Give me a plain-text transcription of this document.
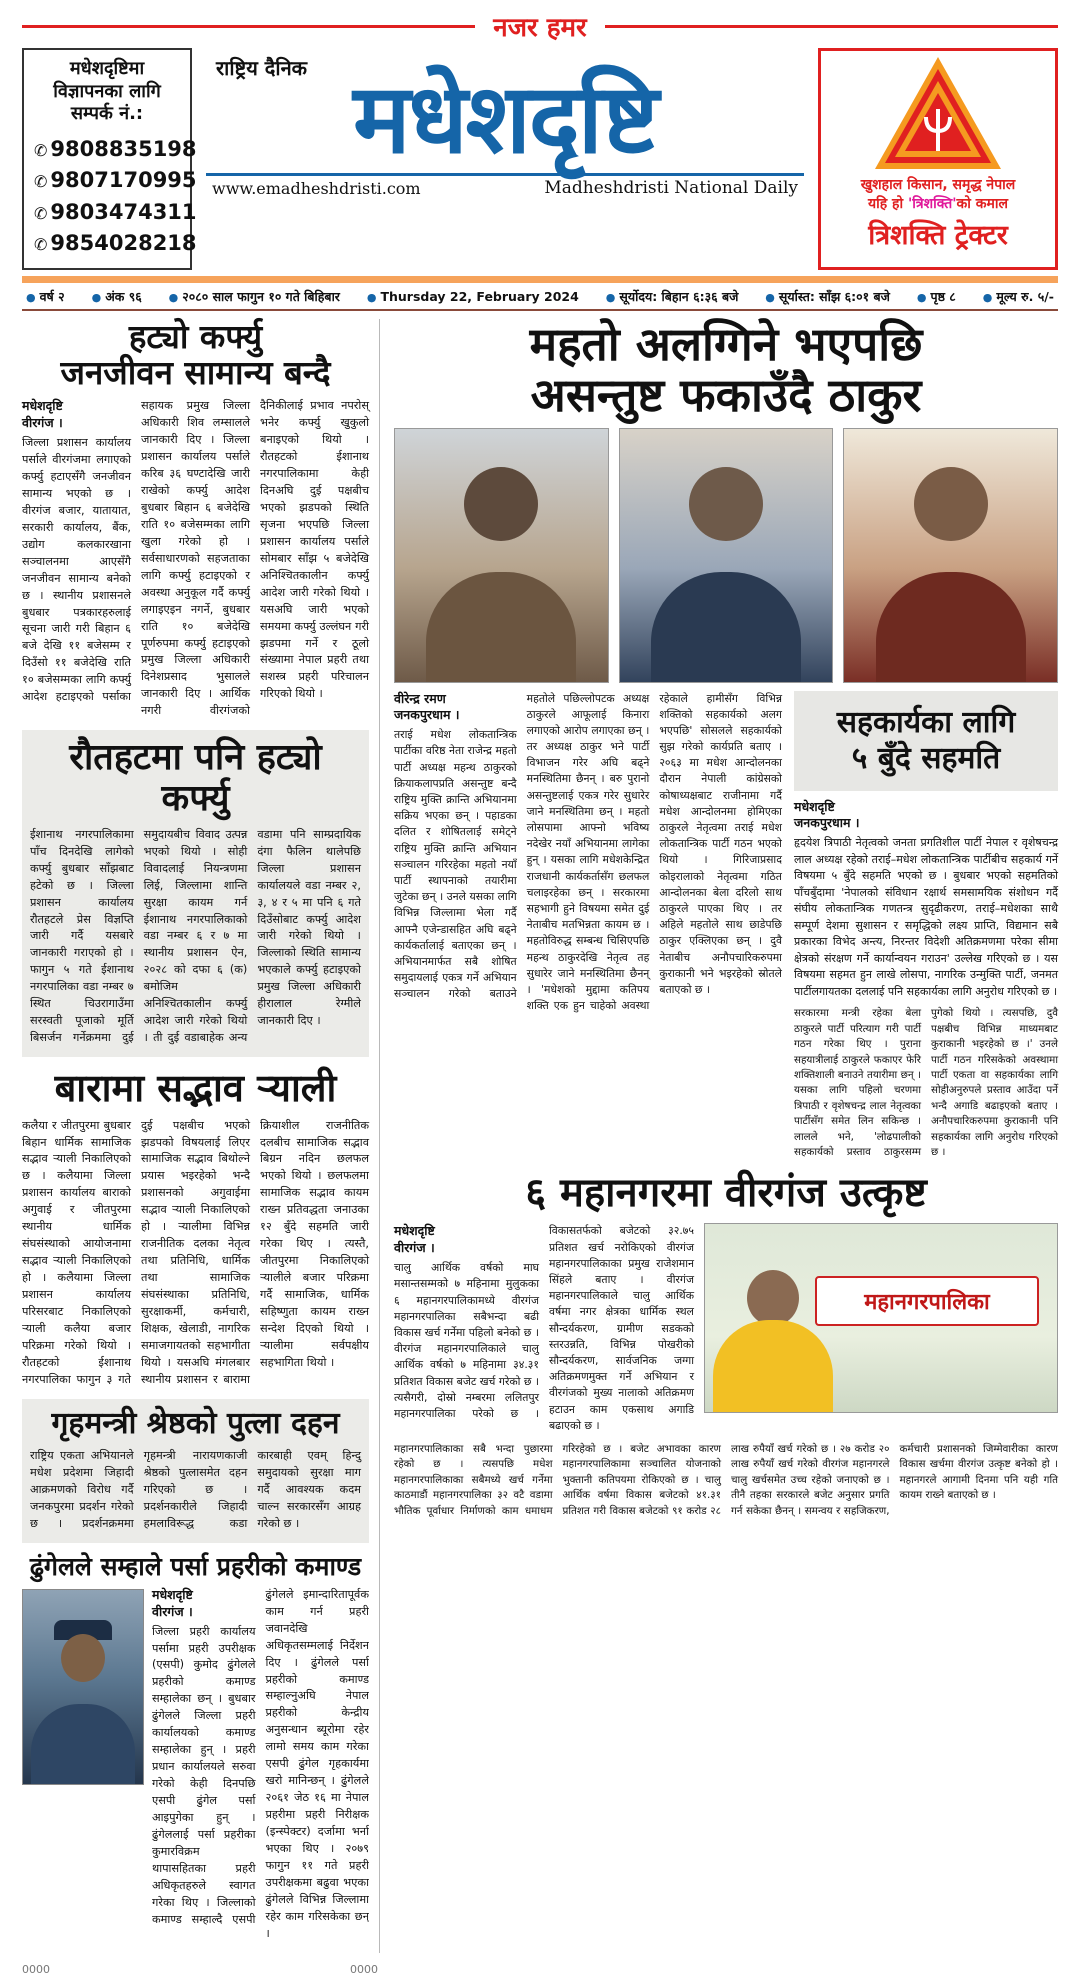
नजर हमर
मधेशदृष्टिमा
विज्ञापनका लागि
सम्पर्क नं.:
✆ 9808835198
✆ 9807170995
✆ 9803474311
✆ 9854028218
राष्ट्रिय दैनिक मधेशदृष्टि
www.emadheshdristi.com	Madheshdristi National Daily	खुशहाल किसान, समृद्ध नेपाल
यहि हो 'त्रिशक्ति'को कमाल
त्रिशक्ति ट्रेक्टर
● वर्ष २ ● अंक ९६ ● २०८० साल फागुन १० गते बिहिबार ● Thursday 22, February 2024 ● सूर्योदय: बिहान ६:३६ बजे ● सूर्यास्त: साँझ ६:०१ बजे ● पृष्ठ ८ ● मूल्य रु. ५/-
हट्यो कर्फ्यु
जनजीवन सामान्य बन्दै
मधेशदृष्टि
वीरगंज ।
जिल्ला प्रशासन कार्यालय पर्साले वीरगंजमा लगाएको कर्फ्यु हटाएसँगै जनजीवन सामान्य भएको छ । वीरगंज बजार, यातायात, सरकारी कार्यालय, बैंक, उद्योग कलकारखाना सञ्चालनमा आएसँगै जनजीवन सामान्य बनेको छ । स्थानीय प्रशासनले बुधबार पत्रकारहरुलाई सूचना जारी गरी बिहान ६ बजे देखि ११ बजेसम्म र दिउँसो ११ बजेदेखि राति १० बजेसम्मका लागि कर्फ्यु आदेश हटाइएको पर्साका सहायक प्रमुख जिल्ला अधिकारी शिव लम्सालले जानकारी दिए । जिल्ला प्रशासन कार्यालय पर्साले करिब ३६ घण्टादेखि जारी राखेको कर्फ्यु आदेश बुधबार बिहान ६ बजेदेखि राति १० बजेसम्मका लागि खुला गरेको हो । सर्वसाधारणको सहजताका लागि कर्फ्यु हटाइएको र अवस्था अनुकूल गर्दै कर्फ्यु लगाइएइन नगर्ने, बुधबार राति १० बजेदेखि पूर्णरुपमा कर्फ्यु हटाइएको प्रमुख जिल्ला अधिकारी दिनेशप्रसाद भुसालले जानकारी दिए । आर्थिक नगरी वीरगंजको दैनिकीलाई प्रभाव नपरोस् भनेर कर्फ्यु खुकुलो बनाइएको थियो । रौतहटको ईशानाथ नगरपालिकामा केही दिनअघि दुई पक्षबीच भएको झडपको स्थिति सृजना भएपछि जिल्ला प्रशासन कार्यालय पर्साले सोमबार साँझ ५ बजेदेखि अनिश्चितकालीन कर्फ्यु आदेश जारी गरेको थियो । यसअघि जारी भएको समयमा कर्फ्यु उल्लंघन गरी झडपमा गर्ने र ठूलो संख्यामा नेपाल प्रहरी तथा सशस्त्र प्रहरी परिचालन गरिएको थियो ।
रौतहटमा पनि हट्यो कर्फ्यु
ईशानाथ नगरपालिकामा पाँच दिनदेखि लागेको कर्फ्यु बुधबार साँझबाट हटेको छ । जिल्ला प्रशासन कार्यालय रौतहटले प्रेस विज्ञप्ति जारी गर्दै यसबारे जानकारी गराएको हो । फागुन ५ गते ईशानाथ नगरपालिका वडा नम्बर ७ स्थित चिउरागाउँमा सरस्वती पूजाको मूर्ति बिसर्जन गर्नेक्रममा दुई समुदायबीच विवाद उत्पन्न भएको थियो । सोही विवादलाई नियन्त्रणमा लिई, जिल्लामा शान्ति सुरक्षा कायम गर्न ईशानाथ नगरपालिकाको वडा नम्बर ६ र ७ मा स्थानीय प्रशासन ऐन, २०२८ को दफा ६ (क) बमोजिम अनिश्चितकालीन कर्फ्यु आदेश जारी गरेको थियो । ती दुई वडाबाहेक अन्य वडामा पनि साम्प्रदायिक दंगा फैलिन थालेपछि जिल्ला प्रशासन कार्यालयले वडा नम्बर २, ३, ४ र ५ मा पनि ६ गते दिउँसोबाट कर्फ्यु आदेश जारी गरेको थियो । जिल्लाको स्थिति सामान्य भएकाले कर्फ्यु हटाइएको प्रमुख जिल्ला अधिकारी हीरालाल रेग्मीले जानकारी दिए ।
बारामा सद्भाव ऱ्याली
कलैया र जीतपुरमा बुधबार बिहान धार्मिक सामाजिक सद्भाव ऱ्याली निकालिएको छ । कलैयामा जिल्ला प्रशासन कार्यालय बाराको अगुवाई र जीतपुरमा स्थानीय धार्मिक संघसंस्थाको आयोजनामा सद्भाव ऱ्याली निकालिएको हो । कलैयामा जिल्ला प्रशासन कार्यालय परिसरबाट निकालिएको ऱ्याली कलैया बजार परिक्रमा गरेको थियो । रौतहटको ईशानाथ नगरपालिका फागुन ३ गते दुई पक्षबीच भएको झडपको विषयलाई लिएर सामाजिक सद्भाव बिथोल्ने प्रयास भइरहेको भन्दै प्रशासनको अगुवाईमा सद्भाव ऱ्याली निकालिएको हो । ऱ्यालीमा विभिन्न राजनीतिक दलका नेतृत्व तथा प्रतिनिधि, धार्मिक तथा सामाजिक संघसंस्थाका प्रतिनिधि, सुरक्षाकर्मी, कर्मचारी, शिक्षक, खेलाडी, नागरिक समाजगायतको सहभागीता थियो । यसअघि मंगलबार स्थानीय प्रशासन र बारामा क्रियाशील राजनीतिक दलबीच सामाजिक सद्भाव बिग्रन नदिन छलफल भएको थियो । छलफलमा सामाजिक सद्भाव कायम राख्न प्रतिवद्धता जनाउका १२ बुँदे सहमति जारी गरेका थिए । त्यस्तै, जीतपुरमा निकालिएको ऱ्यालीले बजार परिक्रमा गर्दै सामाजिक, धार्मिक सहिष्णुता कायम राख्न सन्देश दिएको थियो । ऱ्यालीमा सर्वपक्षीय सहभागिता थियो ।
गृहमन्त्री श्रेष्ठको पुत्ला दहन
राष्ट्रिय एकता अभियानले मधेश प्रदेशमा जिहादी आक्रमणको विरोध गर्दै जनकपुरमा प्रदर्शन गरेको छ । प्रदर्शनक्रममा गृहमन्त्री नारायणकाजी श्रेष्ठको पुत्लासमेत दहन गरिएको छ । प्रदर्शनकारीले जिहादी हमलाविरूद्ध कडा कारबाही एवम् हिन्दु समुदायको सुरक्षा माग गर्दै आवश्यक कदम चाल्न सरकारसँग आग्रह गरेको छ ।
ढुंगेलले सम्हाले पर्सा प्रहरीको कमाण्ड
मधेशदृष्टि
वीरगंज ।
जिल्ला प्रहरी कार्यालय पर्सामा प्रहरी उपरीक्षक (एसपी) कुमोद ढुंगेलले प्रहरीको कमाण्ड सम्हालेका छन् । बुधबार ढुंगेलले जिल्ला प्रहरी कार्यालयको कमाण्ड सम्हालेका हुन् । प्रहरी प्रधान कार्यालयले सरुवा गरेको केही दिनपछि एसपी ढुंगेल पर्सा आइपुगेका हुन् । ढुंगेललाई पर्सा प्रहरीका कुमारविक्रम थापासहितका प्रहरी अधिकृतहरुले स्वागत गरेका थिए । जिल्लाको कमाण्ड सम्हाल्दै एसपी ढुंगेलले इमान्दारितापूर्वक काम गर्न प्रहरी जवानदेखि अधिकृतसम्मलाई निर्देशन दिए । ढुंगेलले पर्सा प्रहरीको कमाण्ड सम्हाल्नुअघि नेपाल प्रहरीको केन्द्रीय अनुसन्धान ब्यूरोमा रहेर लामो समय काम गरेका एसपी ढुंगेल गृहकार्यमा खरो मानिन्छन् । ढुंगेलले २०६१ जेठ १६ मा नेपाल प्रहरीमा प्रहरी निरीक्षक (इन्स्पेक्टर) दर्जामा भर्ना भएका थिए । २०७९ फागुन ११ गते प्रहरी उपरीक्षकमा बढुवा भएका ढुंगेलले विभिन्न जिल्लामा रहेर काम गरिसकेका छन् ।
महतो अलग्गिने भएपछि
असन्तुष्ट फकाउँदै ठाकुर
वीरेन्द्र रमण
जनकपुरधाम ।
तराई मधेश लोकतान्त्रिक पार्टीका वरिष्ठ नेता राजेन्द्र महतो पार्टी अध्यक्ष महन्थ ठाकुरको क्रियाकलापप्रति असन्तुष्ट बन्दै राष्ट्रिय मुक्ति क्रान्ति अभियानमा सक्रिय भएका छन् । पहाडका दलित र शोषितलाई समेट्ने राष्ट्रिय मुक्ति क्रान्ति अभियान सञ्चालन गरिरहेका महतो नयाँ पार्टी स्थापनाको तयारीमा जुटेका छन् । उनले यसका लागि विभिन्न जिल्लामा भेला गर्दै आफ्नै एजेन्डासहित अघि बढ्ने कार्यकर्तालाई बताएका छन् । अभियानमार्फत सबै शोषित समुदायलाई एकत्र गर्ने अभियान सञ्चालन गरेको बताउने महतोले पछिल्लोपटक अध्यक्ष ठाकुरले आफूलाई किनारा लगाएको आरोप लगाएका छन् । तर अध्यक्ष ठाकुर भने पार्टी विभाजन गरेर अघि बढ्ने मनस्थितिमा छैनन् । बरु पुरानो असन्तुष्टलाई एकत्र गरेर सुधारेर जाने मनस्थितिमा छन् । महतो लोसपामा आफ्नो भविष्य नदेखेर नयाँ अभियानमा लागेका हुन् । यसका लागि मधेशकेन्द्रित राजधानी कार्यकर्तासँग छलफल चलाइरहेका छन् । सरकारमा सहभागी हुने विषयमा समेत दुई नेताबीच मतभिन्नता कायम छ । महतोविरुद्ध सम्बन्ध चिसिएपछि महन्थ ठाकुरदेखि नेतृत्व तह सुधारेर जाने मनस्थितिमा छैनन् । 'मधेशको मुद्दामा कतिपय शक्ति एक हुन चाहेको अवस्था रहेकाले हामीसँग विभिन्न शक्तिको सहकार्यको अलग भएपछि' सोसलले सहकार्यको सुझ गरेको कार्यप्रति बताए । २०६३ मा मधेश आन्दोलनका दौरान नेपाली कांग्रेसको कोषाध्यक्षबाट राजीनामा गर्दै मधेश आन्दोलनमा होमिएका ठाकुरले नेतृत्वमा तराई मधेश लोकतान्त्रिक पार्टी गठन भएको थियो । गिरिजाप्रसाद कोइरालाको नेतृत्वमा गठित आन्दोलनका बेला दरिलो साथ ठाकुरले पाएका थिए । तर अहिले महतोले साथ छाडेपछि ठाकुर एक्लिएका छन् । दुवै नेताबीच अनौपचारिकरुपमा कुराकानी भने भइरहेको स्रोतले बताएको छ ।
सहकार्यका लागि
५ बुँदे सहमति
मधेशदृष्टि
जनकपुरधाम ।
हृदयेश त्रिपाठी नेतृत्वको जनता प्रगतिशील पार्टी नेपाल र वृशेषचन्द्र लाल अध्यक्ष रहेको तराई–मधेश लोकतान्त्रिक पार्टीबीच सहकार्य गर्ने विषयमा ५ बुँदे सहमति भएको छ । बुधबार भएको सहमतिको पाँचबुँदामा 'नेपालको संविधान रक्षार्थ समसामयिक संशोधन गर्दै संघीय लोकतान्त्रिक गणतन्त्र सुदृढीकरण, तराई–मधेशका साथै सम्पूर्ण देशमा सुशासन र समृद्धिको लक्ष्य प्राप्ति, विद्यमान सबै प्रकारका विभेद अन्त्य, निरन्तर विदेशी अतिक्रमणमा परेका सीमा क्षेत्रको संरक्षण गर्ने कार्यान्वयन गराउन' उल्लेख गरिएको छ । यस विषयमा सहमत हुन लाखे लोसपा, नागरिक उन्मुक्ति पार्टी, जनमत पार्टीलगायतका दललाई पनि सहकार्यका लागि अनुरोध गरिएको छ ।
सरकारमा मन्त्री रहेका बेला ठाकुरले पार्टी परित्याग गरी पार्टी गठन गरेका थिए । पुराना सहयात्रीलाई ठाकुरले फकाएर फेरि शक्तिशाली बनाउने तयारीमा छन् । यसका लागि पहिलो चरणमा त्रिपाठी र वृशेषचन्द्र लाल नेतृत्वका पार्टीसँग समेत लिन सकिन्छ । लालले भने, 'लोढपालीको सहकार्यको प्रस्ताव ठाकुरसम्म पुगेको थियो । त्यसपछि, दुवै पक्षबीच विभिन्न माध्यमबाट कुराकानी भइरहेको छ ।' उनले पार्टी गठन गरिसकेको अवस्थामा पार्टी एकता वा सहकार्यका लागि सोहीअनुरुपले प्रस्ताव आउँदा पर्ने भन्दै अगाडि बढाइएको बताए । अनौपचारिकरुपमा कुराकानी पनि सहकार्यका लागि अनुरोध गरिएको छ ।
६ महानगरमा वीरगंज उत्कृष्ट
मधेशदृष्टि
वीरगंज ।
चालु आर्थिक वर्षको माघ मसान्तसम्मको ७ महिनामा मुलुकका ६ महानगरपालिकामध्ये वीरगंज महानगरपालिका सबैभन्दा बढी विकास खर्च गर्नेमा पहिलो बनेको छ । वीरगंज महानगरपालिकाले चालु आर्थिक वर्षको ७ महिनामा ३४.३१ प्रतिशत विकास बजेट खर्च गरेको छ । त्यसैगरी, दोस्रो नम्बरमा ललितपुर महानगरपालिका परेको छ । विकासतर्फको बजेटको ३२.७५ प्रतिशत खर्च नरोकिएको वीरगंज महानगरपालिकाका प्रमुख राजेशमान सिंहले बताए । वीरगंज महानगरपालिकाले चालु आर्थिक वर्षमा नगर क्षेत्रका धार्मिक स्थल सौन्दर्यकरण, ग्रामीण सडकको स्तरउन्नति, विभिन्न पोखरीको सौन्दर्यकरण, सार्वजनिक जग्गा अतिक्रमणमुक्त गर्ने अभियान र वीरगंजको मुख्य नालाको अतिक्रमण हटाउन काम एकसाथ अगाडि बढाएको छ ।
महानगरपालिका
महानगरपालिकाका सबै भन्दा पुछारमा रहेको छ । त्यसपछि मधेश महानगरपालिकाका सबैमध्ये खर्च गर्नेमा काठमाडौं महानगरपालिका ३२ वटै वडामा भौतिक पूर्वाधार निर्माणको काम धमाधम गरिरहेको छ । बजेट अभावका कारण महानगरपालिकामा सञ्चालित योजनाको भुक्तानी कतिपयमा रोकिएको छ । चालु आर्थिक वर्षमा विकास बजेटको ४१.३१ प्रतिशत गरी विकास बजेटको ९१ करोड २८ लाख रुपैयाँ खर्च गरेको छ । २७ करोड २० लाख रुपैयाँ खर्च गरेको वीरगंज महानगरले चालु खर्चसमेत उच्च रहेको जनाएको छ । तीनै तहका सरकारले बजेट अनुसार प्रगति गर्न सकेका छैनन् । समन्वय र सहजिकरण, कर्मचारी प्रशासनको जिम्मेवारीका कारण विकास खर्चमा वीरगंज उत्कृष्ट बनेको हो । महानगरले आगामी दिनमा पनि यही गति कायम राख्ने बताएको छ ।
0000	0000
